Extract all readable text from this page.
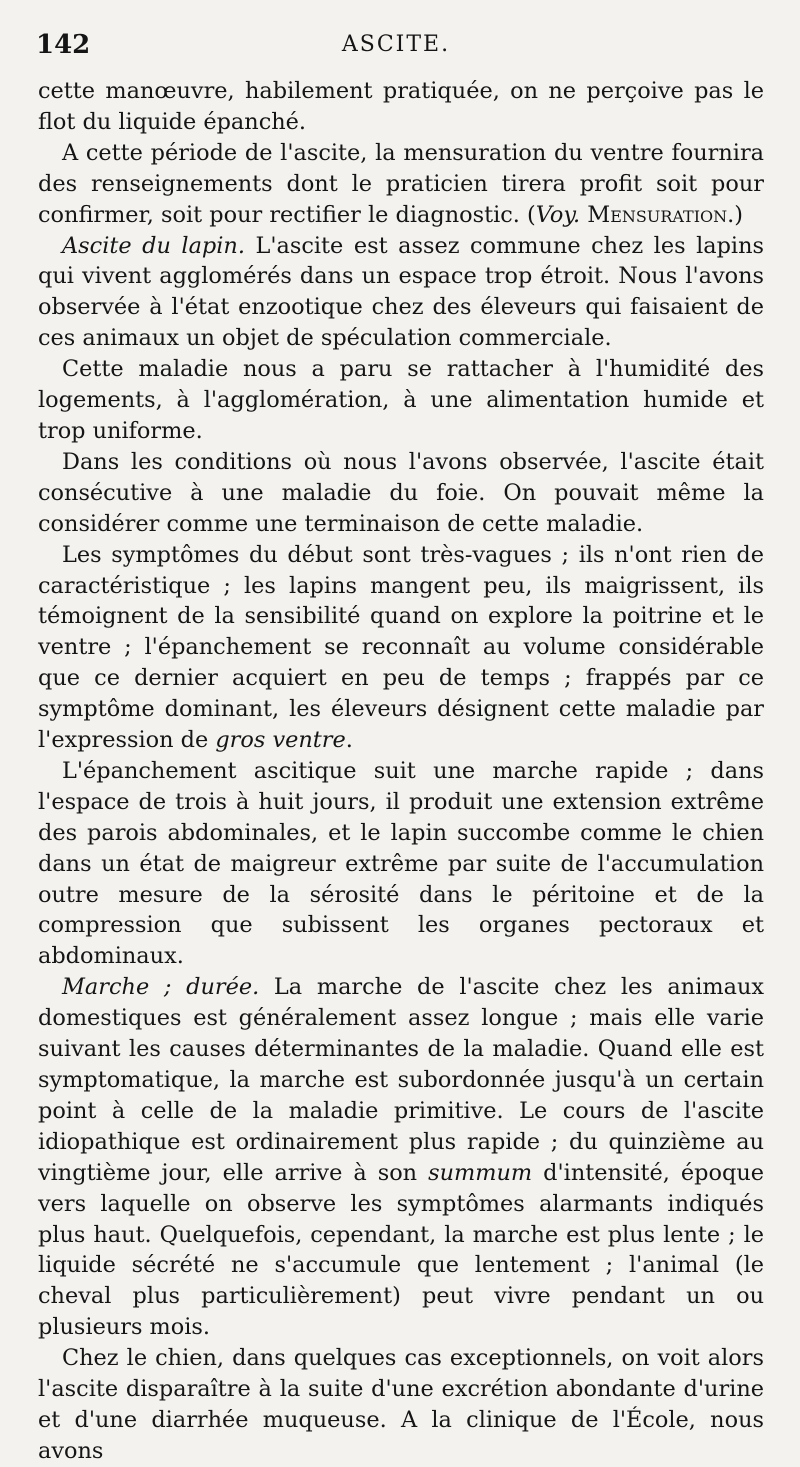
142	ASCITE.

cette manœuvre, habilement pratiquée, on ne perçoive pas le flot du liquide épanché.

A cette période de l'ascite, la mensuration du ventre fournira des renseignements dont le praticien tirera profit soit pour confirmer, soit pour rectifier le diagnostic. (Voy. Mensuration.)

Ascite du lapin. L'ascite est assez commune chez les lapins qui vivent agglomérés dans un espace trop étroit. Nous l'avons observée à l'état enzootique chez des éleveurs qui faisaient de ces animaux un objet de spéculation commerciale.

Cette maladie nous a paru se rattacher à l'humidité des logements, à l'agglomération, à une alimentation humide et trop uniforme.

Dans les conditions où nous l'avons observée, l'ascite était consécutive à une maladie du foie. On pouvait même la considérer comme une terminaison de cette maladie.

Les symptômes du début sont très-vagues ; ils n'ont rien de caractéristique ; les lapins mangent peu, ils maigrissent, ils témoignent de la sensibilité quand on explore la poitrine et le ventre ; l'épanchement se reconnaît au volume considérable que ce dernier acquiert en peu de temps ; frappés par ce symptôme dominant, les éleveurs désignent cette maladie par l'expression de gros ventre.

L'épanchement ascitique suit une marche rapide ; dans l'espace de trois à huit jours, il produit une extension extrême des parois abdominales, et le lapin succombe comme le chien dans un état de maigreur extrême par suite de l'accumulation outre mesure de la sérosité dans le péritoine et de la compression que subissent les organes pectoraux et abdominaux.

Marche ; durée. La marche de l'ascite chez les animaux domestiques est généralement assez longue ; mais elle varie suivant les causes déterminantes de la maladie. Quand elle est symptomatique, la marche est subordonnée jusqu'à un certain point à celle de la maladie primitive. Le cours de l'ascite idiopathique est ordinairement plus rapide ; du quinzième au vingtième jour, elle arrive à son summum d'intensité, époque vers laquelle on observe les symptômes alarmants indiqués plus haut. Quelquefois, cependant, la marche est plus lente ; le liquide sécrété ne s'accumule que lentement ; l'animal (le cheval plus particulièrement) peut vivre pendant un ou plusieurs mois.

Chez le chien, dans quelques cas exceptionnels, on voit alors l'ascite disparaître à la suite d'une excrétion abondante d'urine et d'une diarrhée muqueuse. A la clinique de l'École, nous avons
